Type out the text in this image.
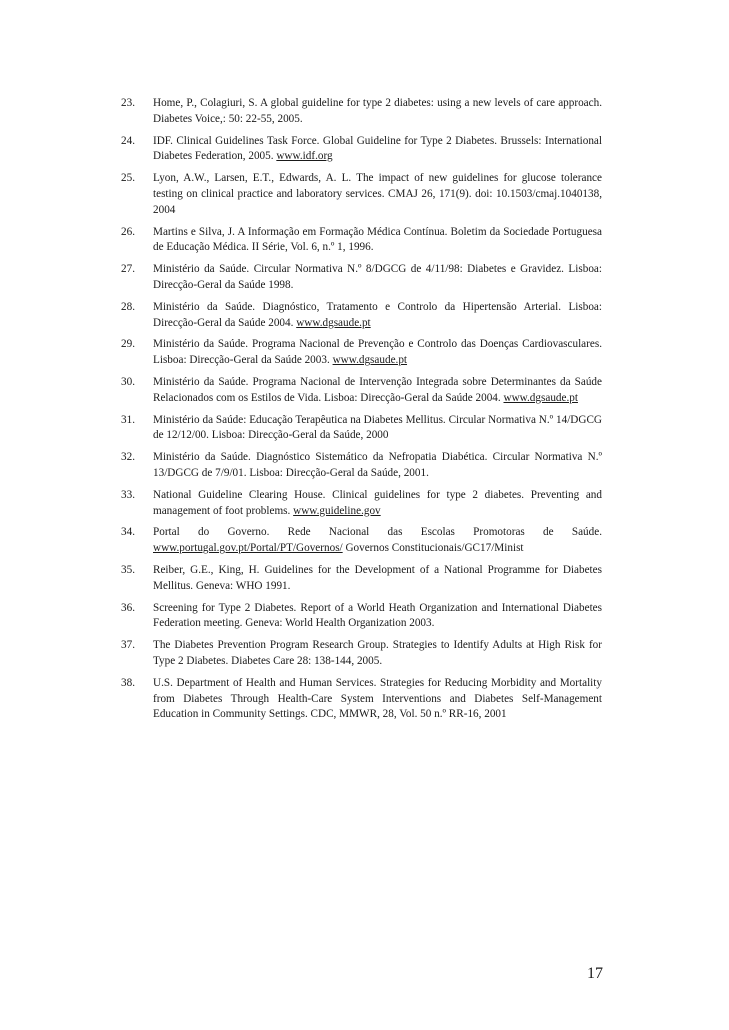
23. Home, P., Colagiuri, S. A global guideline for type 2 diabetes: using a new levels of care approach. Diabetes Voice,: 50: 22-55, 2005.
24. IDF. Clinical Guidelines Task Force. Global Guideline for Type 2 Diabetes. Brussels: International Diabetes Federation, 2005. www.idf.org
25. Lyon, A.W., Larsen, E.T., Edwards, A. L. The impact of new guidelines for glucose tolerance testing on clinical practice and laboratory services. CMAJ 26, 171(9). doi: 10.1503/cmaj.1040138, 2004
26. Martins e Silva, J. A Informação em Formação Médica Contínua. Boletim da Sociedade Portuguesa de Educação Médica. II Série, Vol. 6, n.º 1, 1996.
27. Ministério da Saúde. Circular Normativa N.º 8/DGCG de 4/11/98: Diabetes e Gravidez. Lisboa: Direcção-Geral da Saúde 1998.
28. Ministério da Saúde. Diagnóstico, Tratamento e Controlo da Hipertensão Arterial. Lisboa: Direcção-Geral da Saúde 2004. www.dgsaude.pt
29. Ministério da Saúde. Programa Nacional de Prevenção e Controlo das Doenças Cardiovasculares. Lisboa: Direcção-Geral da Saúde 2003. www.dgsaude.pt
30. Ministério da Saúde. Programa Nacional de Intervenção Integrada sobre Determinantes da Saúde Relacionados com os Estilos de Vida. Lisboa: Direcção-Geral da Saúde 2004. www.dgsaude.pt
31. Ministério da Saúde: Educação Terapêutica na Diabetes Mellitus. Circular Normativa N.º 14/DGCG de 12/12/00. Lisboa: Direcção-Geral da Saúde, 2000
32. Ministério da Saúde. Diagnóstico Sistemático da Nefropatia Diabética. Circular Normativa N.º 13/DGCG de 7/9/01. Lisboa: Direcção-Geral da Saúde, 2001.
33. National Guideline Clearing House. Clinical guidelines for type 2 diabetes. Preventing and management of foot problems. www.guideline.gov
34. Portal do Governo. Rede Nacional das Escolas Promotoras de Saúde. www.portugal.gov.pt/Portal/PT/Governos/ Governos Constitucionais/GC17/Minist
35. Reiber, G.E., King, H. Guidelines for the Development of a National Programme for Diabetes Mellitus. Geneva: WHO 1991.
36. Screening for Type 2 Diabetes. Report of a World Heath Organization and International Diabetes Federation meeting. Geneva: World Health Organization 2003.
37. The Diabetes Prevention Program Research Group. Strategies to Identify Adults at High Risk for Type 2 Diabetes. Diabetes Care 28: 138-144, 2005.
38. U.S. Department of Health and Human Services. Strategies for Reducing Morbidity and Mortality from Diabetes Through Health-Care System Interventions and Diabetes Self-Management Education in Community Settings. CDC, MMWR, 28, Vol. 50 n.º RR-16, 2001
17
